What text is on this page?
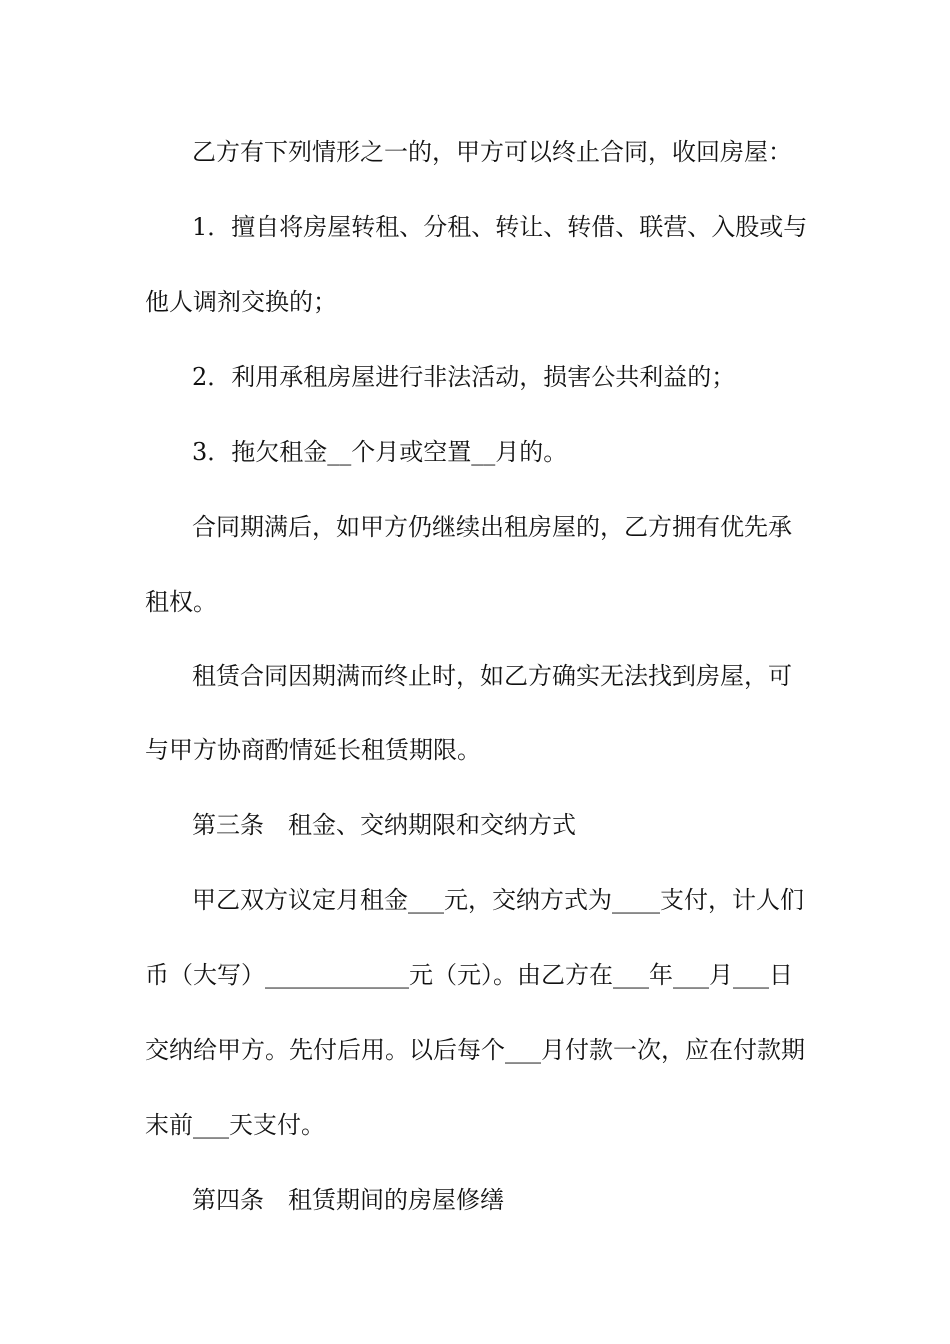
乙方有下列情形之一的，甲方可以终止合同，收回房屋：
1．擅自将房屋转租、分租、转让、转借、联营、入股或与
他人调剂交换的；
2．利用承租房屋进行非法活动，损害公共利益的；
3．拖欠租金__个月或空置__月的。
合同期满后，如甲方仍继续出租房屋的，乙方拥有优先承
租权。
租赁合同因期满而终止时，如乙方确实无法找到房屋，可
与甲方协商酌情延长租赁期限。
第三条　租金、交纳期限和交纳方式
甲乙双方议定月租金___元，交纳方式为____支付，计人们
币（大写）____________元（元）。由乙方在___年___月___日
交纳给甲方。先付后用。以后每个___月付款一次，应在付款期
末前___天支付。
第四条　租赁期间的房屋修缮
